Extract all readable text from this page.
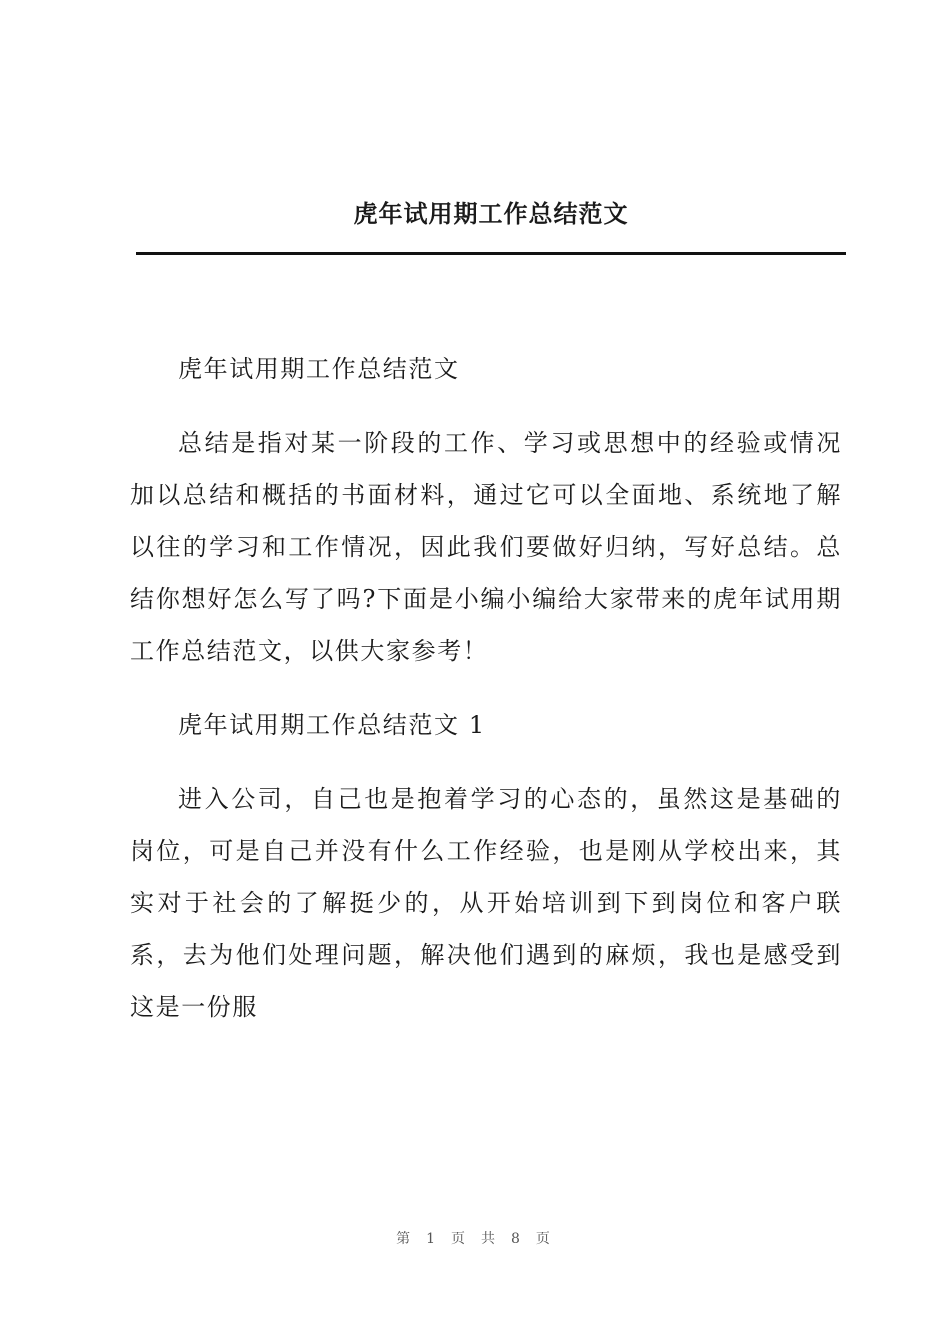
虎年试用期工作总结范文

虎年试用期工作总结范文

总结是指对某一阶段的工作、学习或思想中的经验或情况加以总结和概括的书面材料，通过它可以全面地、系统地了解以往的学习和工作情况，因此我们要做好归纳，写好总结。总结你想好怎么写了吗?下面是小编小编给大家带来的虎年试用期工作总结范文，以供大家参考！

虎年试用期工作总结范文 1

进入公司，自己也是抱着学习的心态的，虽然这是基础的岗位，可是自己并没有什么工作经验，也是刚从学校出来，其实对于社会的了解挺少的，从开始培训到下到岗位和客户联系，去为他们处理问题，解决他们遇到的麻烦，我也是感受到这是一份服

第 1 页 共 8 页
